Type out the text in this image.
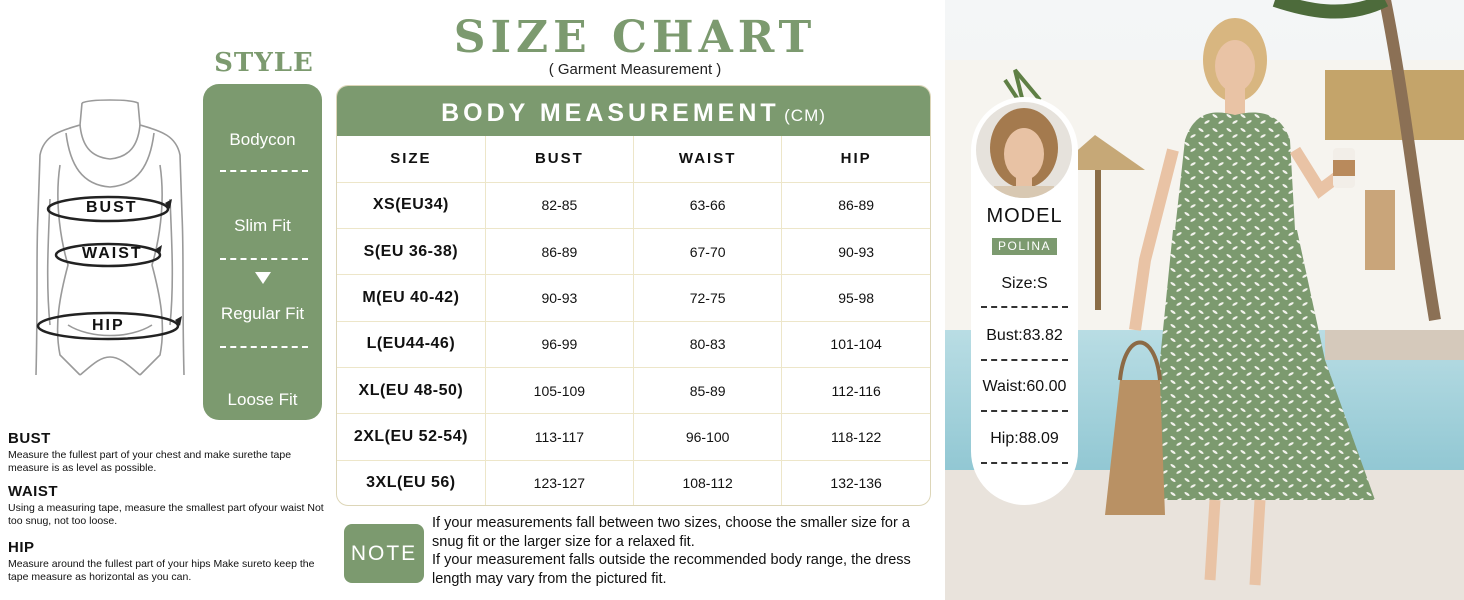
SIZE CHART
( Garment Measurement )
BUST
WAIST
HIP
STYLE
Bodycon
Slim Fit
Regular Fit
Loose Fit
BODY MEASUREMENT (CM)
SIZE	BUST	WAIST	HIP
XS(EU34)	82-85	63-66	86-89
S(EU 36-38)	86-89	67-70	90-93
M(EU 40-42)	90-93	72-75	95-98
L(EU44-46)	96-99	80-83	101-104
XL(EU 48-50)	105-109	85-89	112-116
2XL(EU 52-54)	113-117	96-100	118-122
3XL(EU 56)	123-127	108-112	132-136
BUST
Measure the fullest part of your chest and make surethe tape measure is as level as possible.
WAIST
Using a measuring tape, measure the smallest part ofyour waist Not too snug, not too loose.
HIP
Measure around the fullest part of your hips Make sureto keep the tape measure as horizontal as you can.
NOTE
If your measurements fall between two sizes, choose the smaller size for a snug fit or the larger size for a relaxed fit.
If your measurement falls outside the recommended body range, the dress length may vary from the pictured fit.
MODEL
POLINA
Size:S
Bust:83.82
Waist:60.00
Hip:88.09
